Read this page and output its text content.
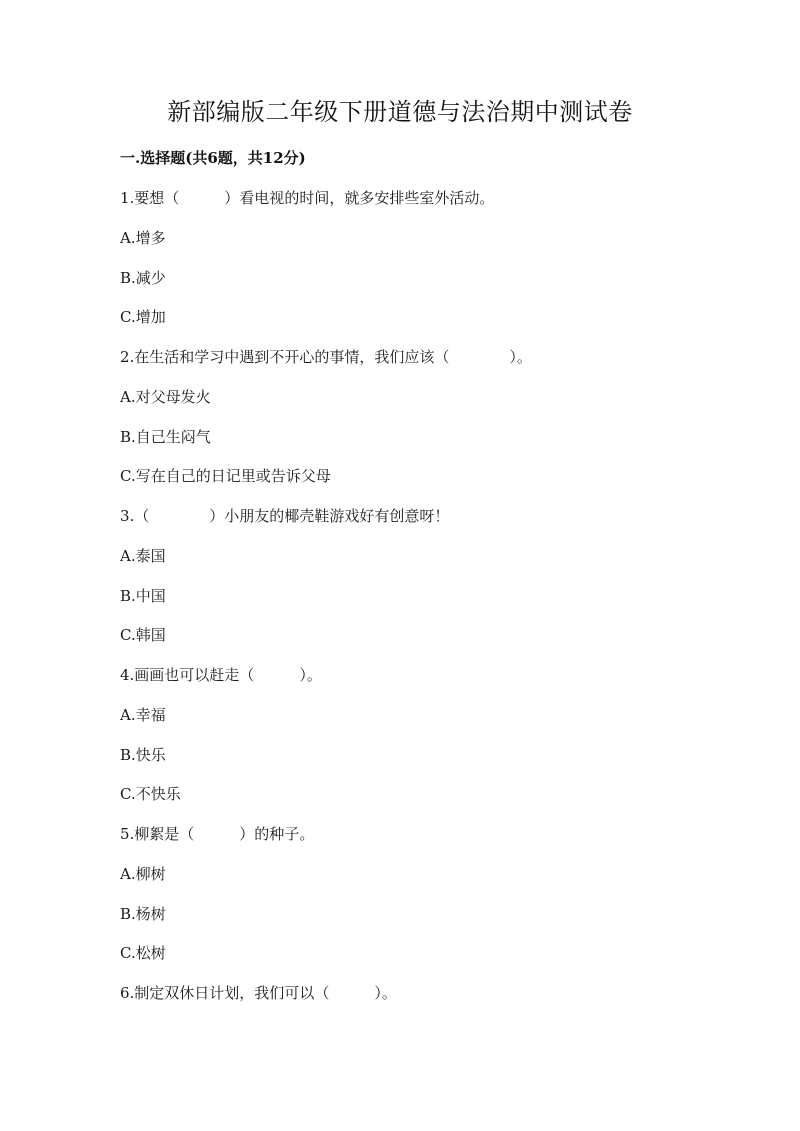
新部编版二年级下册道德与法治期中测试卷
一.选择题(共6题，共12分)
1.要想（　　　）看电视的时间，就多安排些室外活动。
A.增多
B.减少
C.增加
2.在生活和学习中遇到不开心的事情，我们应该（　　　　）。
A.对父母发火
B.自己生闷气
C.写在自己的日记里或告诉父母
3.（　　　　）小朋友的椰壳鞋游戏好有创意呀！
A.泰国
B.中国
C.韩国
4.画画也可以赶走（　　　）。
A.幸福
B.快乐
C.不快乐
5.柳絮是（　　　）的种子。
A.柳树
B.杨树
C.松树
6.制定双休日计划，我们可以（　　　）。
